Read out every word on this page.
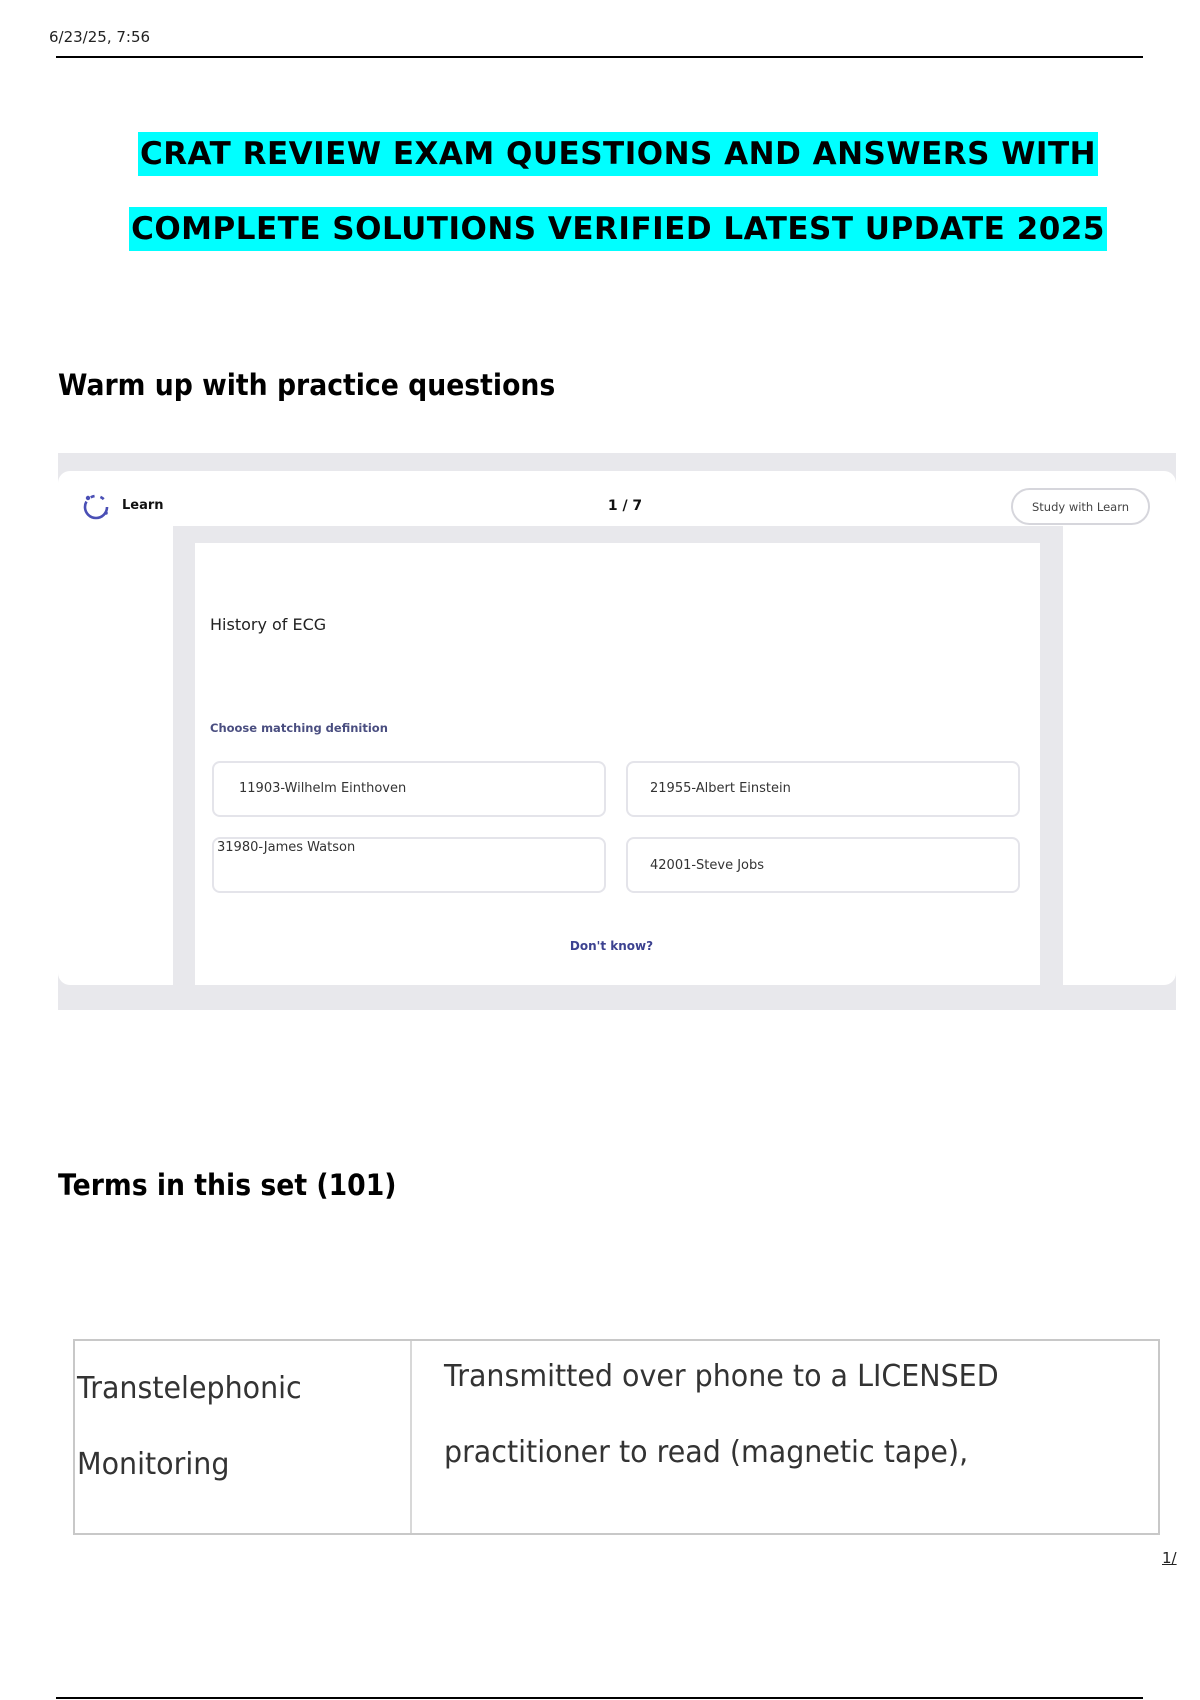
6/23/25, 7:56
CRAT REVIEW EXAM QUESTIONS AND ANSWERS WITH
COMPLETE SOLUTIONS VERIFIED LATEST UPDATE 2025
Warm up with practice questions
Learn	1 / 7	Study with Learn
History of ECG
Choose matching definition
11903-Wilhelm Einthoven	21955-Albert Einstein
31980-James Watson
42001-Steve Jobs
Don't know?
Terms in this set (101)
Transtelephonic Monitoring
Transmitted over phone to a LICENSED practitioner to read (magnetic tape),
1/
